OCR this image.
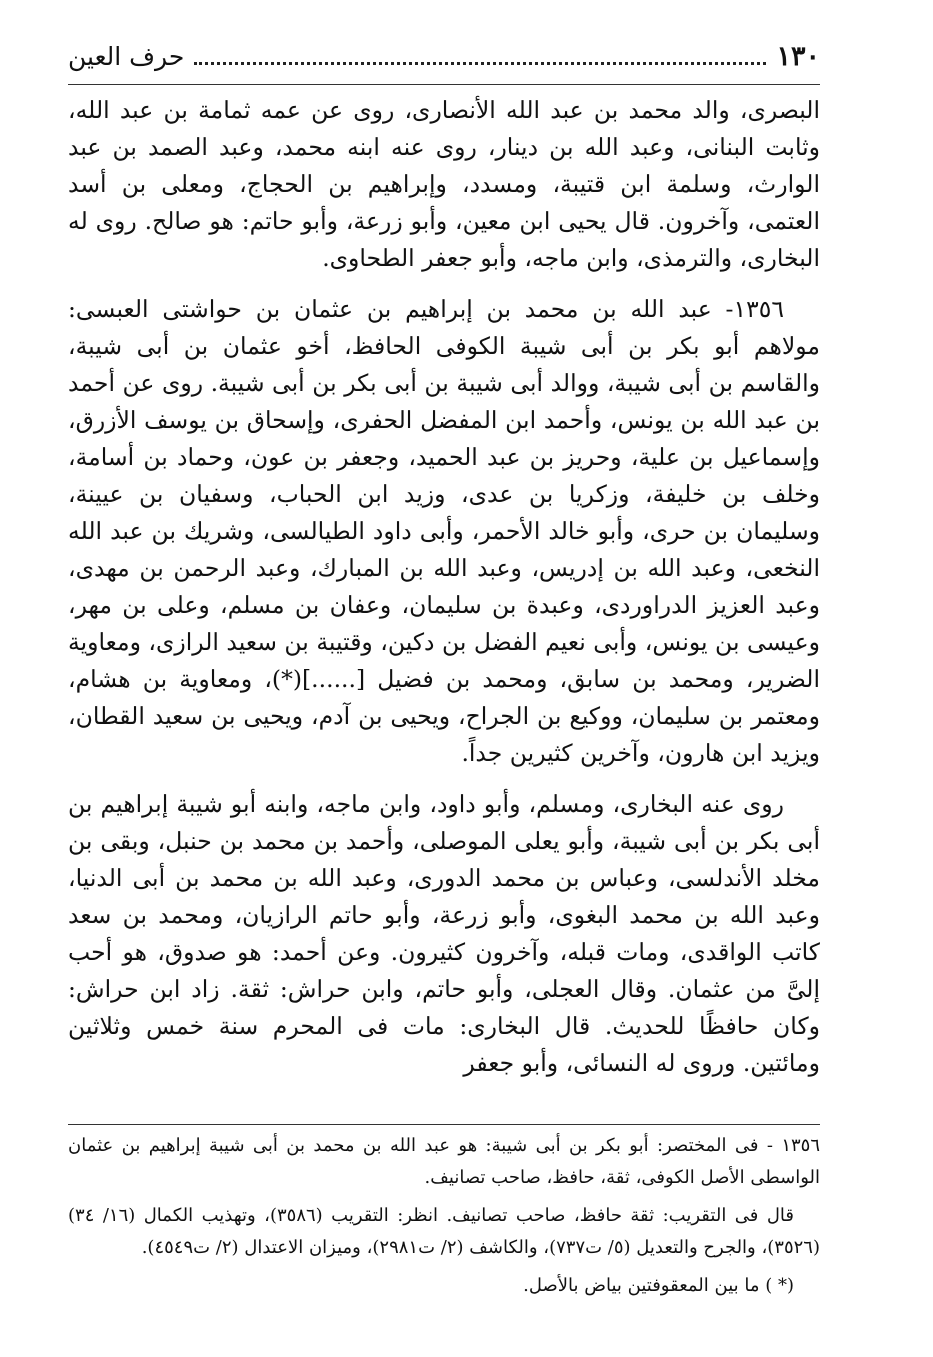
حرف العين	١٣٠

البصرى، والد محمد بن عبد الله الأنصارى، روى عن عمه ثمامة بن عبد الله، وثابت البنانى، وعبد الله بن دينار، روى عنه ابنه محمد، وعبد الصمد بن عبد الوارث، وسلمة ابن قتيبة، ومسدد، وإبراهيم بن الحجاج، ومعلى بن أسد العتمى، وآخرون. قال يحيى ابن معين، وأبو زرعة، وأبو حاتم: هو صالح. روى له البخارى، والترمذى، وابن ماجه، وأبو جعفر الطحاوى.

١٣٥٦- عبد الله بن محمد بن إبراهيم بن عثمان بن حواشتى العبسى: مولاهم أبو بكر بن أبى شيبة الكوفى الحافظ، أخو عثمان بن أبى شيبة، والقاسم بن أبى شيبة، ووالد أبى شيبة بن أبى بكر بن أبى شيبة. روى عن أحمد بن عبد الله بن يونس، وأحمد ابن المفضل الحفرى، وإسحاق بن يوسف الأزرق، وإسماعيل بن علية، وحريز بن عبد الحميد، وجعفر بن عون، وحماد بن أسامة، وخلف بن خليفة، وزكريا بن عدى، وزيد ابن الحباب، وسفيان بن عيينة، وسليمان بن حرى، وأبو خالد الأحمر، وأبى داود الطيالسى، وشريك بن عبد الله النخعى، وعبد الله بن إدريس، وعبد الله بن المبارك، وعبد الرحمن بن مهدى، وعبد العزيز الدراوردى، وعبدة بن سليمان، وعفان بن مسلم، وعلى بن مهر، وعيسى بن يونس، وأبى نعيم الفضل بن دكين، وقتيبة بن سعيد الرازى، ومعاوية الضرير، ومحمد بن سابق، ومحمد بن فضيل [......](*)، ومعاوية بن هشام، ومعتمر بن سليمان، ووكيع بن الجراح، ويحيى بن آدم، ويحيى بن سعيد القطان، ويزيد ابن هارون، وآخرين كثيرين جداً.

روى عنه البخارى، ومسلم، وأبو داود، وابن ماجه، وابنه أبو شيبة إبراهيم بن أبى بكر بن أبى شيبة، وأبو يعلى الموصلى، وأحمد بن محمد بن حنبل، وبقى بن مخلد الأندلسى، وعباس بن محمد الدورى، وعبد الله بن محمد بن أبى الدنيا، وعبد الله بن محمد البغوى، وأبو زرعة، وأبو حاتم الرازيان، ومحمد بن سعد كاتب الواقدى، ومات قبله، وآخرون كثيرون. وعن أحمد: هو صدوق، هو أحب إلىَّ من عثمان. وقال العجلى، وأبو حاتم، وابن حراش: ثقة. زاد ابن حراش: وكان حافظًا للحديث. قال البخارى: مات فى المحرم سنة خمس وثلاثين ومائتين. وروى له النسائى، وأبو جعفر

١٣٥٦ - فى المختصر: أبو بكر بن أبى شيبة: هو عبد الله بن محمد بن أبى شيبة إبراهيم بن عثمان الواسطى الأصل الكوفى، ثقة، حافظ، صاحب تصانيف.

قال فى التقريب: ثقة حافظ، صاحب تصانيف. انظر: التقريب (٣٥٨٦)، وتهذيب الكمال (١٦/ ٣٤) (٣٥٢٦)، والجرح والتعديل (٥/ ت٧٣٧)، والكاشف (٢/ ت٢٩٨١)، وميزان الاعتدال (٢/ ت٤٥٤٩).

(* ) ما بين المعقوفتين بياض بالأصل.
